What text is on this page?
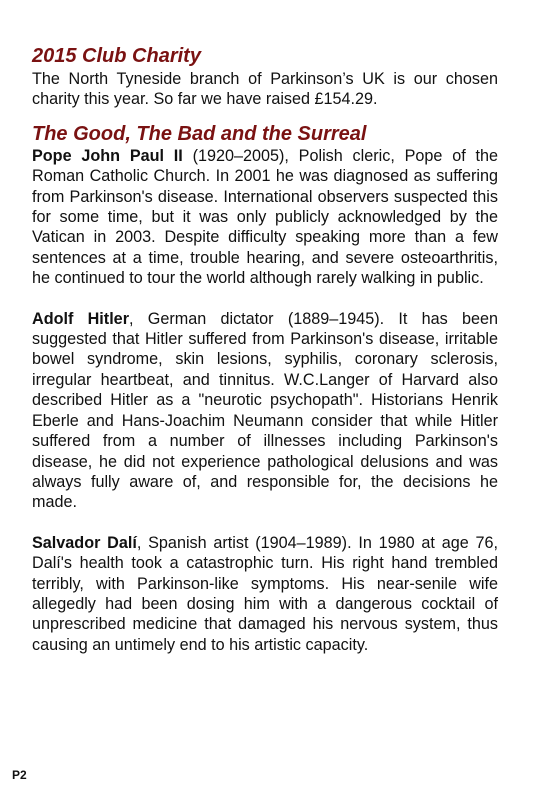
2015 Club Charity

The North Tyneside branch of Parkinson’s UK is our chosen charity this year. So far we have raised £154.29.

The Good, The Bad and the Surreal

Pope John Paul II (1920–2005), Polish cleric, Pope of the Roman Catholic Church. In 2001 he was diagnosed as suffering from Parkinson's disease. International observers suspected this for some time, but it was only publicly acknowledged by the Vatican in 2003. Despite difficulty speaking more than a few sentences at a time, trouble hearing, and severe osteoarthritis, he continued to tour the world although rarely walking in public.

Adolf Hitler, German dictator (1889–1945). It has been suggested that Hitler suffered from Parkinson's disease, irritable bowel syndrome, skin lesions, syphilis, coronary sclerosis, irregular heartbeat, and tinnitus. W.C.Langer of Harvard also described Hitler as a "neurotic psychopath". Historians Henrik Eberle and Hans-Joachim Neumann consider that while Hitler suffered from a number of illnesses including Parkinson's disease, he did not experience pathological delusions and was always fully aware of, and responsible for, the decisions he made.

Salvador Dalí, Spanish artist (1904–1989). In 1980 at age 76, Dalí's health took a catastrophic turn. His right hand trembled terribly, with Parkinson-like symptoms. His near-senile wife allegedly had been dosing him with a dangerous cocktail of unprescribed medicine that damaged his nervous system, thus causing an untimely end to his artistic capacity.

P2
